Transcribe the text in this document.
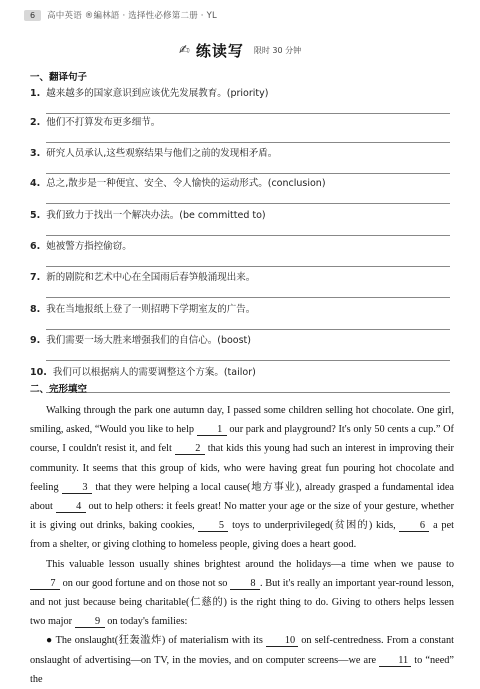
6	高中英语 ®編林語 · 选择性必修第二册 · YL
✍ 练读写 限时 30 分钟
一、翻译句子
1. 越来越多的国家意识到应该优先发展教育。(priority)
2. 他们不打算发布更多细节。
3. 研究人员承认,这些观察结果与他们之前的发现相矛盾。
4. 总之,散步是一种便宜、安全、令人愉快的运动形式。(conclusion)
5. 我们致力于找出一个解决办法。(be committed to)
6. 她被警方指控偷窃。
7. 新的剧院和艺术中心在全国雨后春笋般涌现出来。
8. 我在当地报纸上登了一则招聘下学期室友的广告。
9. 我们需要一场大胜来增强我们的自信心。(boost)
10. 我们可以根据病人的需要调整这个方案。(tailor)
二、完形填空

Walking through the park one autumn day, I passed some children selling hot chocolate. One girl, smiling, asked, “Would you like to help 1 our park and playground? It's only 50 cents a cup.” Of course, I couldn't resist it, and felt 2 that kids this young had such an interest in improving their community. It seems that this group of kids, who were having great fun pouring hot chocolate and feeling 3 that they were helping a local cause(地方事业), already grasped a fundamental idea about 4 out to help others: it feels great! No matter your age or the size of your gesture, whether it is giving out drinks, baking cookies, 5 toys to underprivileged(贫困的) kids, 6 a pet from a shelter, or giving clothing to homeless people, giving does a heart good.

This valuable lesson usually shines brightest around the holidays—a time when we pause to 7 on our good fortune and on those not so 8 . But it's really an important year-round lesson, and not just because being charitable(仁慈的) is the right thing to do. Giving to others helps lessen two major 9 on today's families:

● The onslaught(狂轰滥炸) of materialism with its 10 on self-centredness. From a constant onslaught of advertising—on TV, in the movies, and on computer screens—we are 11 to “need” the
